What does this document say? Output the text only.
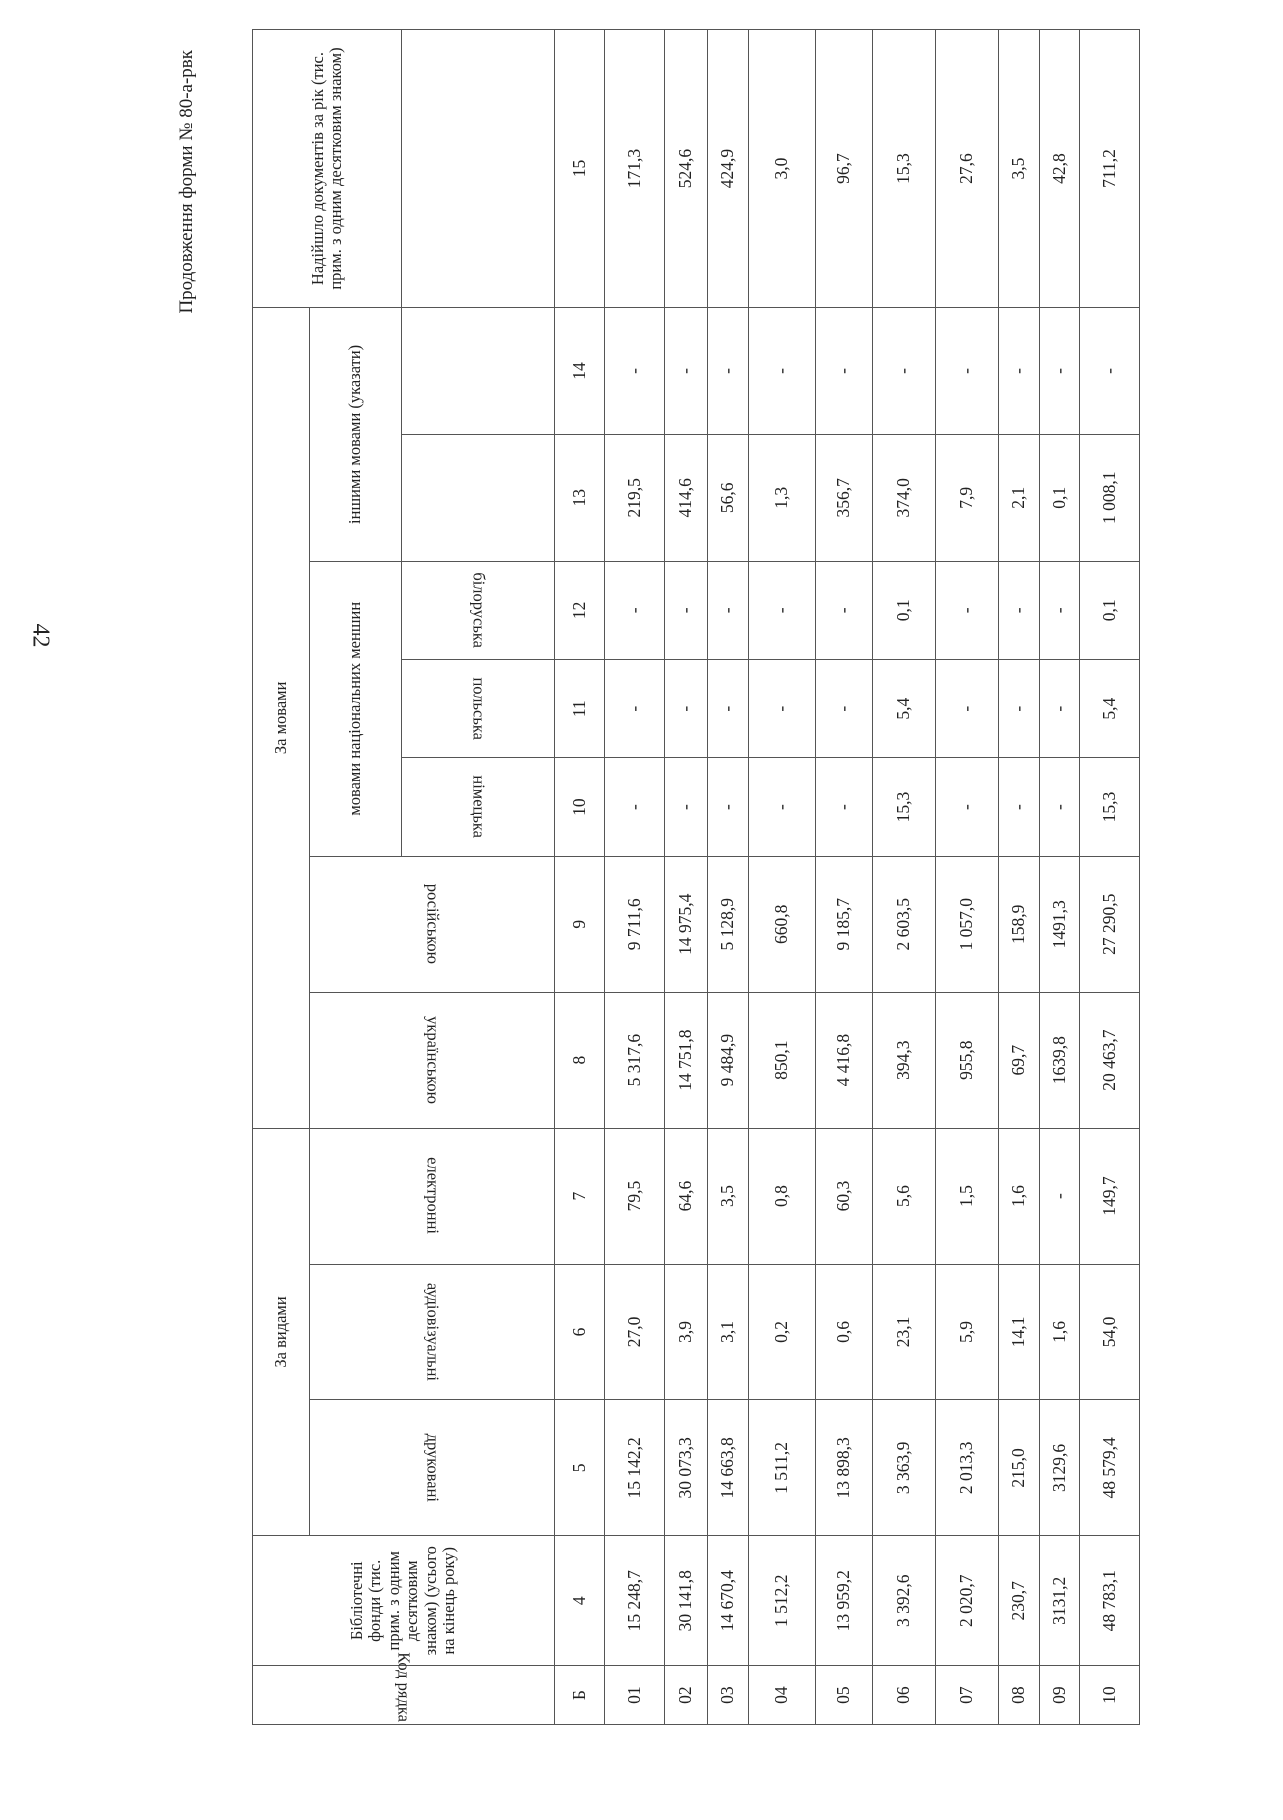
Продовження форми № 80-а-рвк
Код рядка	Бібліотечні фонди (тис. прим. з одним десятковим знаком) (усього на кінець року)	За видами			За мовами							Надійшло документів за рік (тис. прим. з одним десятковим знаком)
		друковані	аудіовізуальні	електронні	українською	російською	мовами національних меншин			іншими мовами (указати)		
							німецька	польська	білоруська			
Б	4	5	6	7	8	9	10	11	12	13	14	15
01	15 248,7	15 142,2	27,0	79,5	5 317,6	9 711,6	-	-	-	219,5	-	171,3
02	30 141,8	30 073,3	3,9	64,6	14 751,8	14 975,4	-	-	-	414,6	-	524,6
03	14 670,4	14 663,8	3,1	3,5	9 484,9	5 128,9	-	-	-	56,6	-	424,9
04	1 512,2	1 511,2	0,2	0,8	850,1	660,8	-	-	-	1,3	-	3,0
05	13 959,2	13 898,3	0,6	60,3	4 416,8	9 185,7	-	-	-	356,7	-	96,7
06	3 392,6	3 363,9	23,1	5,6	394,3	2 603,5	15,3	5,4	0,1	374,0	-	15,3
07	2 020,7	2 013,3	5,9	1,5	955,8	1 057,0	-	-	-	7,9	-	27,6
08	230,7	215,0	14,1	1,6	69,7	158,9	-	-	-	2,1	-	3,5
09	3131,2	3129,6	1,6	-	1639,8	1491,3	-	-	-	0,1	-	42,8
10	48 783,1	48 579,4	54,0	149,7	20 463,7	27 290,5	15,3	5,4	0,1	1 008,1	-	711,2
42
